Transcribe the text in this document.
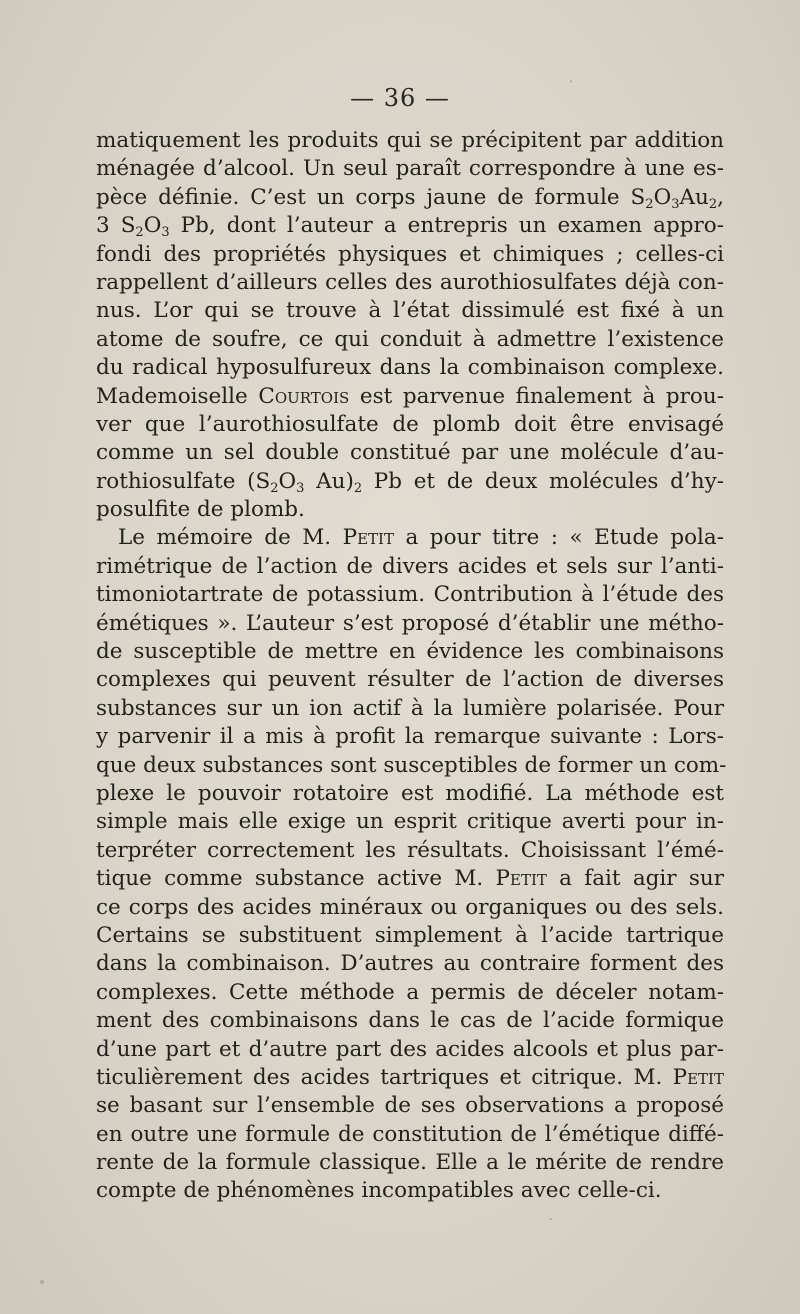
— 36 —
matiquement les produits qui se précipitent par addition
ménagée d’alcool. Un seul paraît correspondre à une es-
pèce définie. C’est un corps jaune de formule $S_2O_3Au_2$,
3 $S_2O_3$ Pb, dont l’auteur a entrepris un examen appro-
fondi des propriétés physiques et chimiques ; celles-ci
rappellent d’ailleurs celles des aurothiosulfates déjà con-
nus. L’or qui se trouve à l’état dissimulé est fixé à un
atome de soufre, ce qui conduit à admettre l’existence
du radical hyposulfureux dans la combinaison complexe.
Mademoiselle Courtois est parvenue finalement à prou-
ver que l’aurothiosulfate de plomb doit être envisagé
comme un sel double constitué par une molécule d’au-
rothiosulfate ($S_2O_3$ $Au)_2$ Pb et de deux molécules d’hy-
posulfite de plomb.
Le mémoire de M. Petit a pour titre : « Etude pola-
rimétrique de l’action de divers acides et sels sur l’anti-
timoniotartrate de potassium. Contribution à l’étude des
émétiques ». L’auteur s’est proposé d’établir une métho-
de susceptible de mettre en évidence les combinaisons
complexes qui peuvent résulter de l’action de diverses
substances sur un ion actif à la lumière polarisée. Pour
y parvenir il a mis à profit la remarque suivante : Lors-
que deux substances sont susceptibles de former un com-
plexe le pouvoir rotatoire est modifié. La méthode est
simple mais elle exige un esprit critique averti pour in-
terpréter correctement les résultats. Choisissant l’émé-
tique comme substance active M. Petit a fait agir sur
ce corps des acides minéraux ou organiques ou des sels.
Certains se substituent simplement à l’acide tartrique
dans la combinaison. D’autres au contraire forment des
complexes. Cette méthode a permis de déceler notam-
ment des combinaisons dans le cas de l’acide formique
d’une part et d’autre part des acides alcools et plus par-
ticulièrement des acides tartriques et citrique. M. Petit
se basant sur l’ensemble de ses observations a proposé
en outre une formule de constitution de l’émétique diffé-
rente de la formule classique. Elle a le mérite de rendre
compte de phénomènes incompatibles avec celle-ci.
